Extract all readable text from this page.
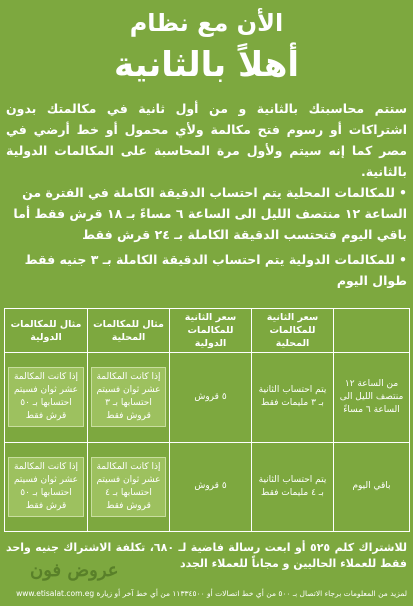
الأن مع نظام
أهلاً بالثانية

ستتم محاسبتك بالثانية و من أول ثانية في مكالمتك بدون اشتراكات أو رسوم فتح مكالمة ولأي محمول أو خط أرضي في مصر كما إنه سيتم ولأول مرة المحاسبة على المكالمات الدولية بالثانية.

•للمكالمات المحلية يتم احتساب الدقيقة الكاملة في الفترة من الساعة ١٢ منتصف الليل الى الساعة ٦ مساءً بـ ١٨ قرش فقط أما باقي اليوم فتحتسب الدقيقة الكاملة بـ ٢٤ قرش فقط
•للمكالمات الدولية يتم احتساب الدقيقة الكاملة بـ ٣ جنيه فقط طوال اليوم
	سعر الثانية للمكالمات المحلية	سعر الثانية للمكالمات الدولية	مثال للمكالمات المحلية	مثال للمكالمات الدولية
من الساعة ١٢ منتصف الليل الى الساعة ٦ مساءً	يتم احتساب الثانية بـ ٣ مليمات فقط	٥ قروش	إذا كانت المكالمة عشر ثوان فسيتم احتسابها بـ ٣ قروش فقط	إذا كانت المكالمة عشر ثوان فسيتم احتسابها بـ ٥٠ قرش فقط
باقي اليوم	يتم احتساب الثانية بـ ٤ مليمات فقط	٥ قروش	إذا كانت المكالمة عشر ثوان فسيتم احتسابها بـ ٤ قروش فقط	إذا كانت المكالمة عشر ثوان فسيتم احتسابها بـ ٥٠ قرش فقط

للاشتراك كلم ٥٢٥ أو ابعت رسالة فاضية لـ ٦٨٠، تكلفة الاشتراك جنيه واحد فقط للعملاء الحاليين و مجاناً للعملاء الجدد

عروض فون
لمزيد من المعلومات برجاء الاتصال بـ ٥٠٠ من أي خط اتصالات أو ١١٣٣٤٥٠٠ من أي خط آخر أو زيارة www.etisalat.com.eg
